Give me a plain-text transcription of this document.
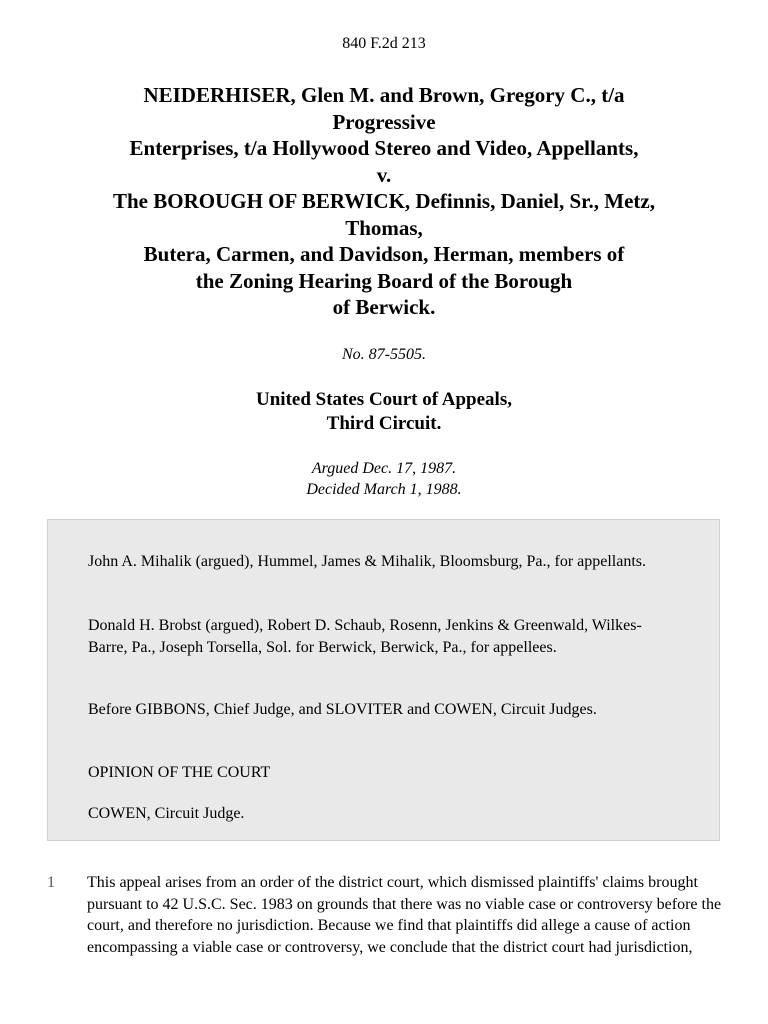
840 F.2d 213
NEIDERHISER, Glen M. and Brown, Gregory C., t/a
Progressive
Enterprises, t/a Hollywood Stereo and Video, Appellants,
v.
The BOROUGH OF BERWICK, Definnis, Daniel, Sr., Metz,
Thomas,
Butera, Carmen, and Davidson, Herman, members of
the Zoning Hearing Board of the Borough
of Berwick.
No. 87-5505.
United States Court of Appeals,
Third Circuit.
Argued Dec. 17, 1987.
Decided March 1, 1988.

John A. Mihalik (argued), Hummel, James & Mihalik, Bloomsburg, Pa., for appellants.

Donald H. Brobst (argued), Robert D. Schaub, Rosenn, Jenkins & Greenwald, Wilkes-Barre, Pa., Joseph Torsella, Sol. for Berwick, Berwick, Pa., for appellees.

Before GIBBONS, Chief Judge, and SLOVITER and COWEN, Circuit Judges.

OPINION OF THE COURT

COWEN, Circuit Judge.

1 This appeal arises from an order of the district court, which dismissed plaintiffs' claims brought pursuant to 42 U.S.C. Sec. 1983 on grounds that there was no viable case or controversy before the court, and therefore no jurisdiction. Because we find that plaintiffs did allege a cause of action encompassing a viable case or controversy, we conclude that the district court had jurisdiction,
